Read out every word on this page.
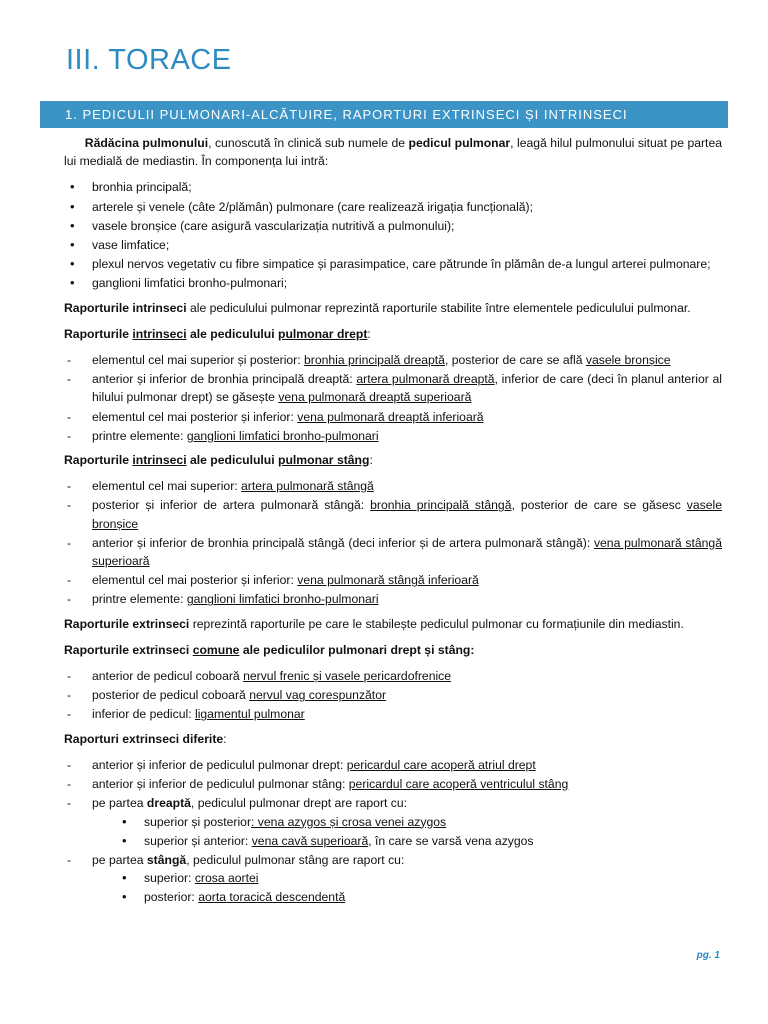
III. TORACE
1. PEDICULII PULMONARI-ALCĂTUIRE, RAPORTURI EXTRINSECI ȘI INTRINSECI

Rădăcina pulmonului, cunoscută în clinică sub numele de pedicul pulmonar, leagă hilul pulmonului situat pe partea lui medială de mediastin. În componența lui intră:

• bronhia principală;
• arterele și venele (câte 2/plămân) pulmonare (care realizează irigația funcțională);
• vasele bronșice (care asigură vascularizația nutritivă a pulmonului);
• vase limfatice;
• plexul nervos vegetativ cu fibre simpatice și parasimpatice, care pătrunde în plămân de-a lungul arterei pulmonare;
• ganglioni limfatici bronho-pulmonari;

Raporturile intrinseci ale pediculului pulmonar reprezintă raporturile stabilite între elementele pediculului pulmonar.

Raporturile intrinseci ale pediculului pulmonar drept:

- elementul cel mai superior și posterior: bronhia principală dreaptă, posterior de care se află vasele bronșice
- anterior și inferior de bronhia principală dreaptă: artera pulmonară dreaptă, inferior de care (deci în planul anterior al hilului pulmonar drept) se găsește vena pulmonară dreaptă superioară
- elementul cel mai posterior și inferior: vena pulmonară dreaptă inferioară
- printre elemente: ganglioni limfatici bronho-pulmonari

Raporturile intrinseci ale pediculului pulmonar stâng:

- elementul cel mai superior: artera pulmonară stângă
- posterior și inferior de artera pulmonară stângă: bronhia principală stângă, posterior de care se găsesc vasele bronșice
- anterior și inferior de bronhia principală stângă (deci inferior și de artera pulmonară stângă): vena pulmonară stângă superioară
- elementul cel mai posterior și inferior: vena pulmonară stângă inferioară
- printre elemente: ganglioni limfatici bronho-pulmonari

Raporturile extrinseci reprezintă raporturile pe care le stabilește pediculul pulmonar cu formațiunile din mediastin.

Raporturile extrinseci comune ale pediculilor pulmonari drept și stâng:

- anterior de pedicul coboară nervul frenic și vasele pericardofrenice
- posterior de pedicul coboară nervul vag corespunzător
- inferior de pedicul: ligamentul pulmonar

Raporturi extrinseci diferite:

- anterior și inferior de pediculul pulmonar drept: pericardul care acoperă atriul drept
- anterior și inferior de pediculul pulmonar stâng: pericardul care acoperă ventriculul stâng
- pe partea dreaptă, pediculul pulmonar drept are raport cu:
• superior și posterior: vena azygos și crosa venei azygos
• superior și anterior: vena cavă superioară, în care se varsă vena azygos
- pe partea stângă, pediculul pulmonar stâng are raport cu:
• superior: crosa aortei
• posterior: aorta toracică descendentă
pg. 1
